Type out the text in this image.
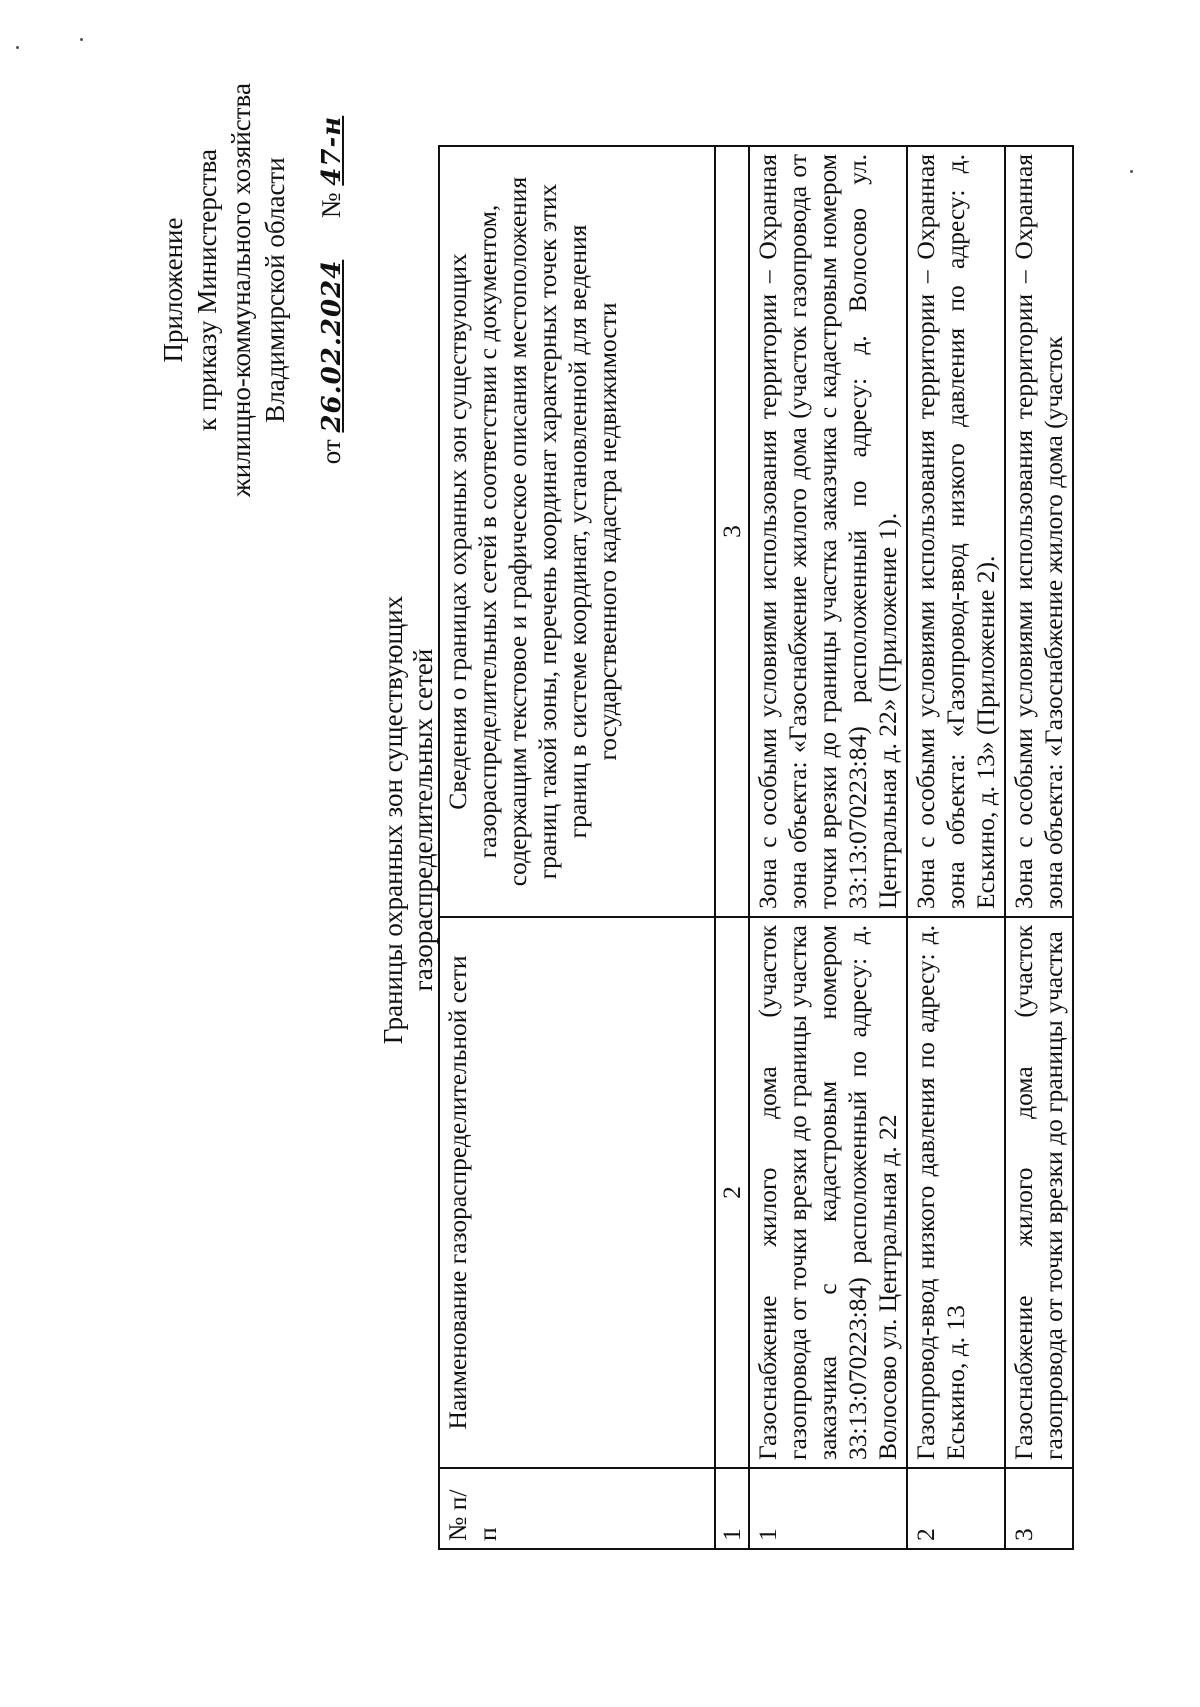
Приложение к приказу Министерства жилищно-коммунального хозяйства Владимирской области
от 26.02.2024  № 47-н
Границы охранных зон существующих газораспределительных сетей
№ п/п	Наименование газораспределительной сети	Сведения о границах охранных зон существующих газораспределительных сетей в соответствии с документом, содержащим текстовое и графическое описания местоположения границ такой зоны, перечень координат характерных точек этих границ в системе координат, установленной для ведения государственного кадастра недвижимости
1	2	3
1	Газоснабжение жилого дома (участок газопровода от точки врезки до границы участка заказчика с кадастровым номером 33:13:070223:84) расположенный по адресу: д. Волосово ул. Центральная д. 22	Зона с особыми условиями использования территории – Охранная зона объекта: «Газоснабжение жилого дома (участок газопровода от точки врезки до границы участка заказчика с кадастровым номером 33:13:070223:84) расположенный по адресу: д. Волосово ул. Центральная д. 22» (Приложение 1).
2	Газопровод-ввод низкого давления по адресу: д. Еськино, д. 13	Зона с особыми условиями использования территории – Охранная зона объекта: «Газопровод-ввод низкого давления по адресу: д. Еськино, д. 13» (Приложение 2).
3	Газоснабжение жилого дома (участок газопровода от точки врезки до границы участка	Зона с особыми условиями использования территории – Охранная зона объекта: «Газоснабжение жилого дома (участок
